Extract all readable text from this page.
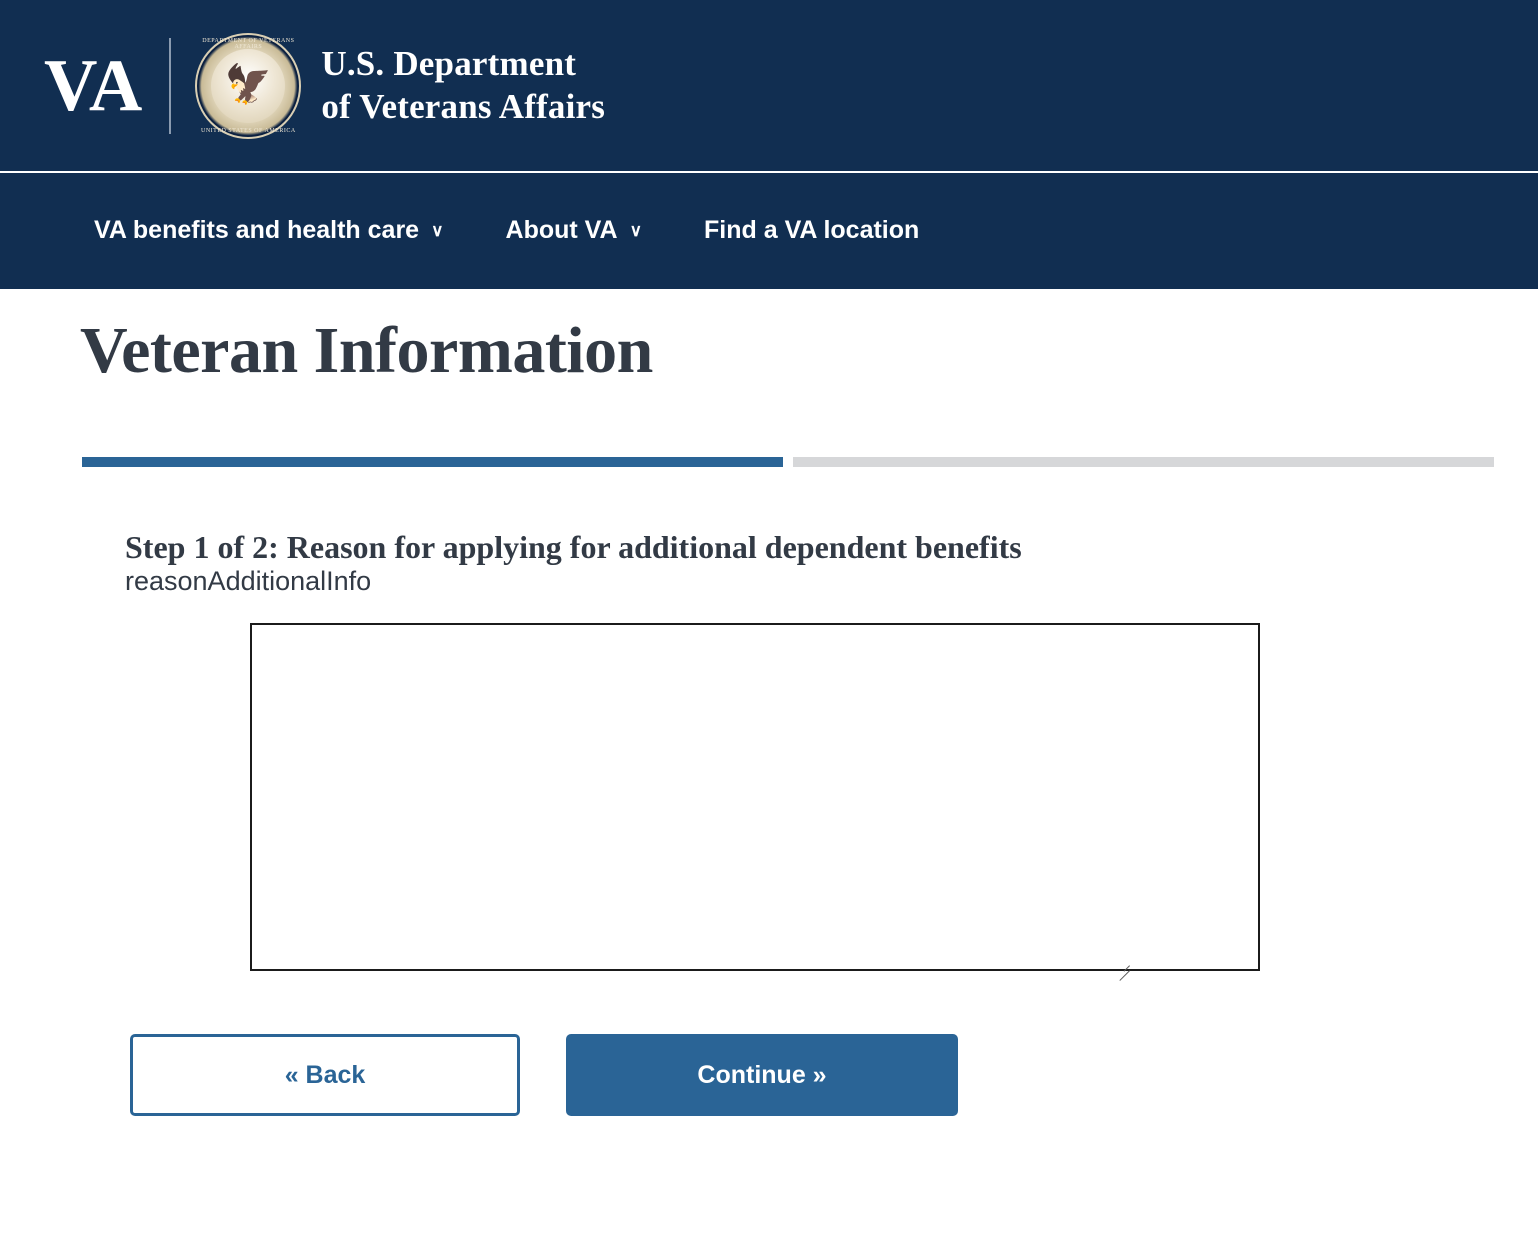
VA
DEPARTMENT OF VETERANS AFFAIRS
🦅
UNITED STATES OF AMERICA
U.S. Department
of Veterans Affairs
VA benefits and health care ∨ About VA ∨ Find a VA location
Veteran Information
Step 1 of 2: Reason for applying for additional dependent benefits
reasonAdditionalInfo
« Back	Continue »
